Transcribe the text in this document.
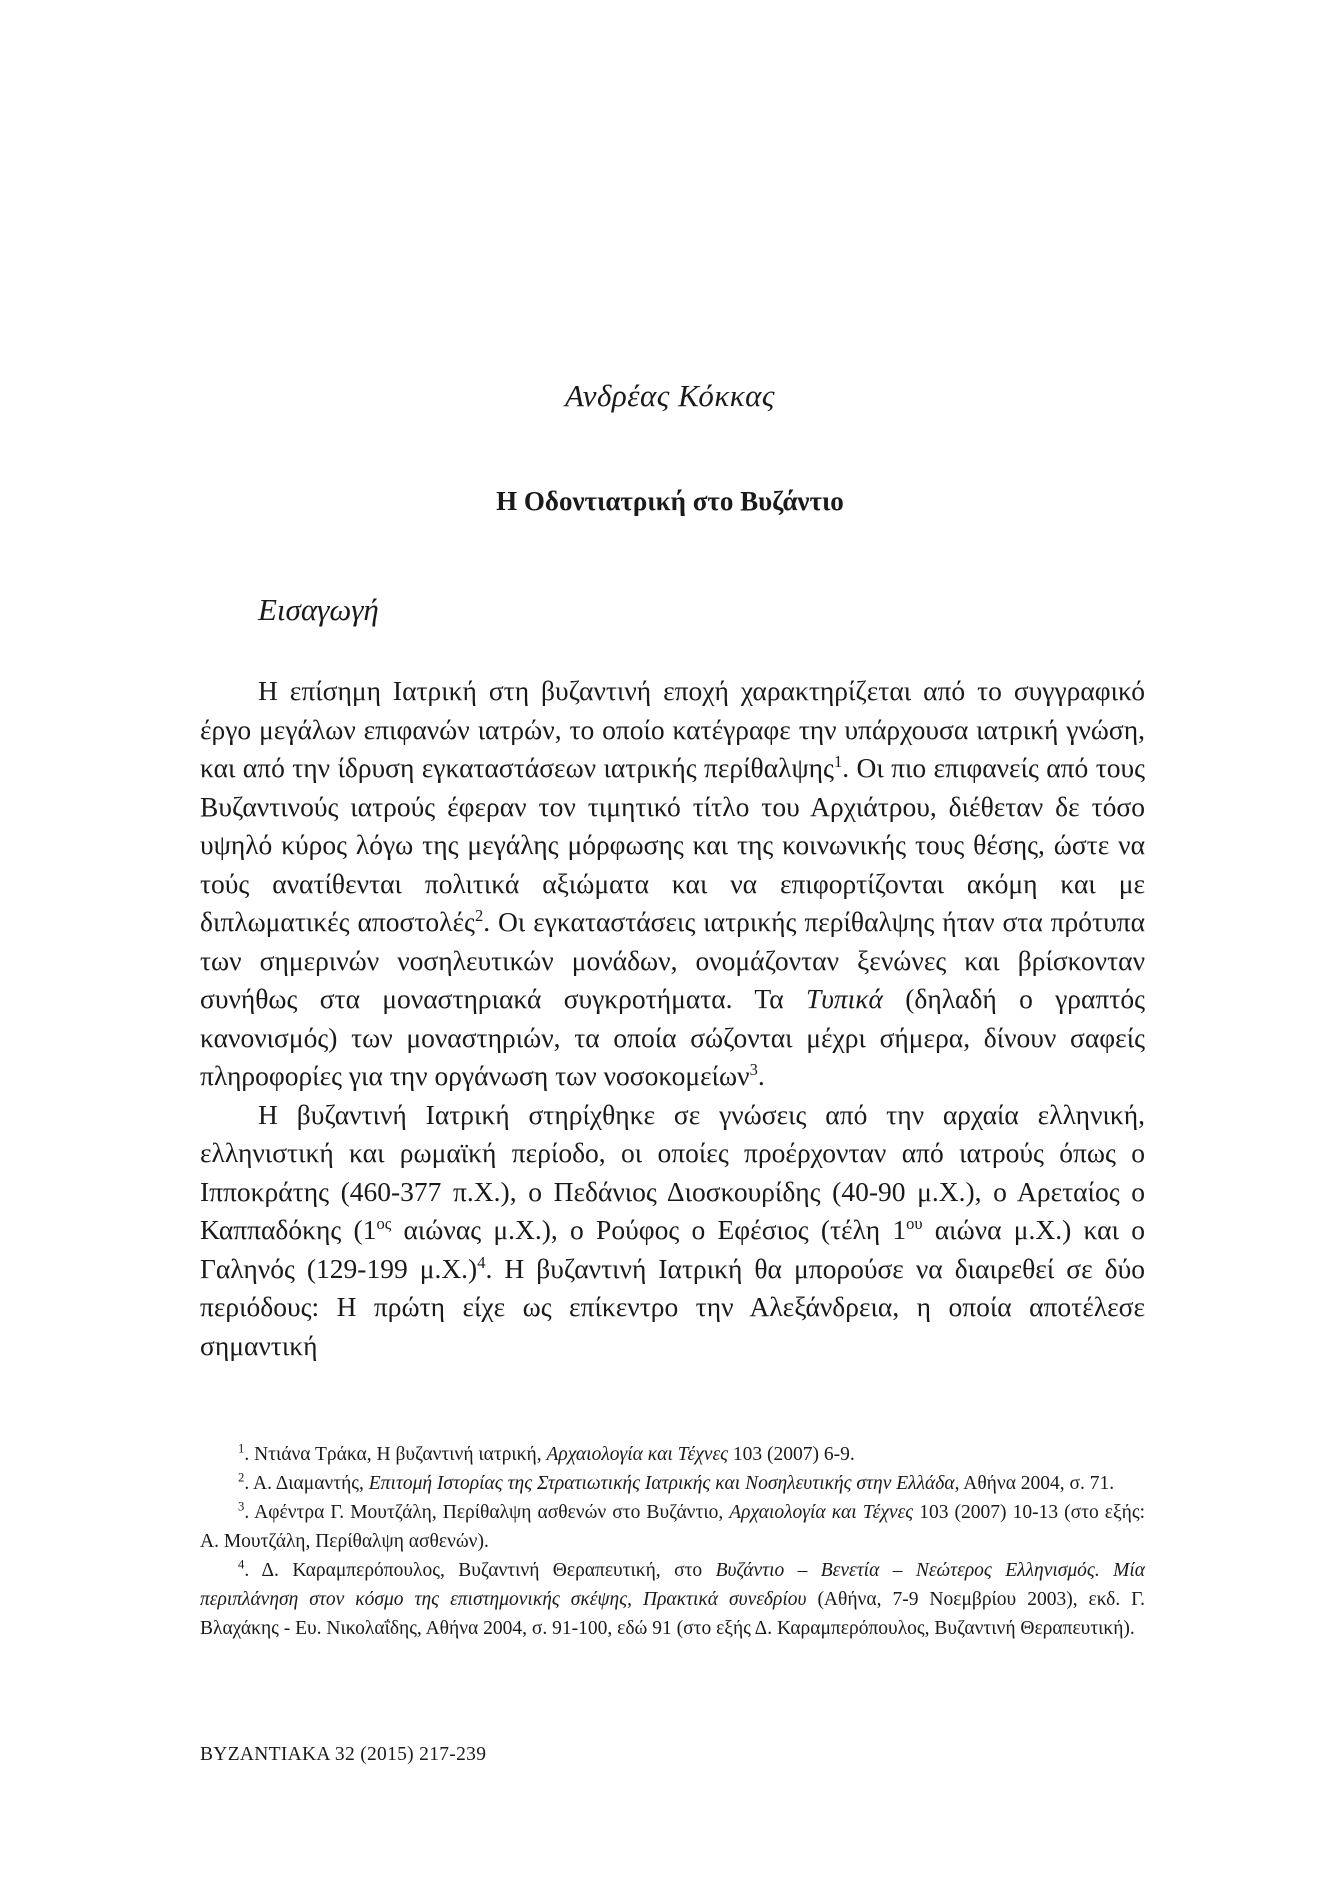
Ανδρέας Κόκκας
Η Οδοντιατρική στο Βυζάντιο
Εισαγωγή

Η επίσημη Ιατρική στη βυζαντινή εποχή χαρακτηρίζεται από το συγγραφικό έργο μεγάλων επιφανών ιατρών, το οποίο κατέγραφε την υπάρχουσα ιατρική γνώση, και από την ίδρυση εγκαταστάσεων ιατρικής περίθαλψης$^1$. Οι πιο επιφανείς από τους Βυζαντινούς ιατρούς έφεραν τον τιμητικό τίτλο του Αρχιάτρου, διέθεταν δε τόσο υψηλό κύρος λόγω της μεγάλης μόρφωσης και της κοινωνικής τους θέσης, ώστε να τούς ανατίθενται πολιτικά αξιώματα και να επιφορτίζονται ακόμη και με διπλωματικές αποστολές$^2$. Οι εγκαταστάσεις ιατρικής περίθαλψης ήταν στα πρότυπα των σημερινών νοσηλευτικών μονάδων, ονομάζονταν ξενώνες και βρίσκονταν συνήθως στα μοναστηριακά συγκροτήματα. Τα Τυπικά (δηλαδή ο γραπτός κανονισμός) των μοναστηριών, τα οποία σώζονται μέχρι σήμερα, δίνουν σαφείς πληροφορίες για την οργάνωση των νοσοκομείων$^3$.

Η βυζαντινή Ιατρική στηρίχθηκε σε γνώσεις από την αρχαία ελληνική, ελληνιστική και ρωμαϊκή περίοδο, οι οποίες προέρχονταν από ιατρούς όπως ο Ιπποκράτης (460-377 π.Χ.), ο Πεδάνιος Διοσκουρίδης (40-90 μ.Χ.), ο Αρεταίος ο Καππαδόκης ($1^{o\varsigma}$ αιώνας μ.Χ.), ο Ρούφος ο Εφέσιος (τέλη $1^{o\upsilon}$ αιώνα μ.Χ.) και ο Γαληνός (129-199 μ.Χ.)$^4$. Η βυζαντινή Ιατρική θα μπορούσε να διαιρεθεί σε δύο περιόδους: Η πρώτη είχε ως επίκεντρο την Αλεξάνδρεια, η οποία αποτέλεσε σημαντική

$^1$. Ντιάνα Τράκα, Η βυζαντινή ιατρική, Αρχαιολογία και Τέχνες 103 (2007) 6-9.

$^2$. Α. Διαμαντής, Επιτομή Ιστορίας της Στρατιωτικής Ιατρικής και Νοσηλευτικής στην Ελλάδα, Αθήνα 2004, σ. 71.

$^3$. Αφέντρα Γ. Μουτζάλη, Περίθαλψη ασθενών στο Βυζάντιο, Αρχαιολογία και Τέχνες 103 (2007) 10-13 (στο εξής: Α. Μουτζάλη, Περίθαλψη ασθενών).

$^4$. Δ. Καραμπερόπουλος, Βυζαντινή Θεραπευτική, στο Βυζάντιο – Βενετία – Νεώτερος Ελληνισμός. Μία περιπλάνηση στον κόσμο της επιστημονικής σκέψης, Πρακτικά συνεδρίου (Αθήνα, 7-9 Νοεμβρίου 2003), εκδ. Γ. Βλαχάκης - Ευ. Νικολαΐδης, Αθήνα 2004, σ. 91-100, εδώ 91 (στο εξής Δ. Καραμπερόπουλος, Βυζαντινή Θεραπευτική).

ΒΥΖΑΝΤΙΑΚΑ 32 (2015) 217-239
